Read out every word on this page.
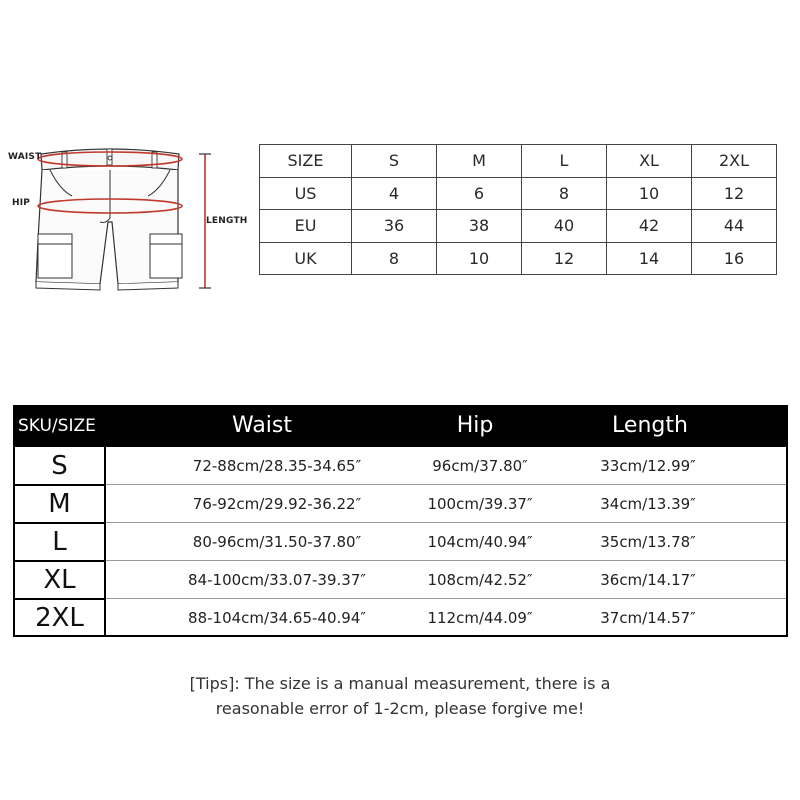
WAIST
HIP
LENGTH
SIZE	S	M	L	XL	2XL
US	4	6	8	10	12
EU	36	38	40	42	44
UK	8	10	12	14	16
SKU/SIZE	Waist	Hip	Length
S	72-88cm/28.35-34.65″	96cm/37.80″	33cm/12.99″
M	76-92cm/29.92-36.22″	100cm/39.37″	34cm/13.39″
L	80-96cm/31.50-37.80″	104cm/40.94″	35cm/13.78″
XL	84-100cm/33.07-39.37″	108cm/42.52″	36cm/14.17″
2XL	88-104cm/34.65-40.94″	112cm/44.09″	37cm/14.57″
[Tips]: The size is a manual measurement, there is a
reasonable error of 1-2cm, please forgive me!
